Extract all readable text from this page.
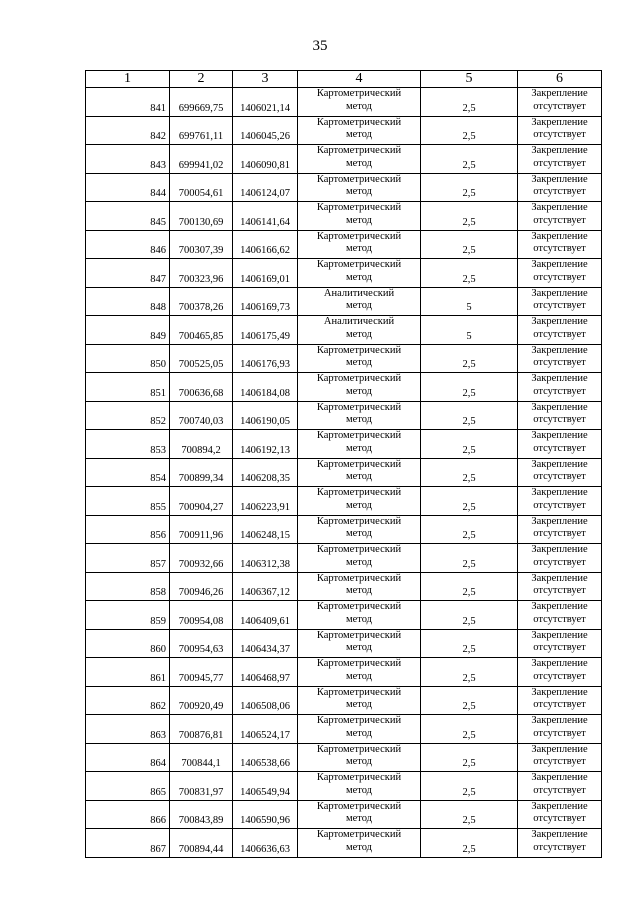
35
1	2	3	4	5	6
841	699669,75	1406021,14	Картометрический
метод	2,5	Закрепление
отсутствует

842	699761,11	1406045,26	Картометрический
метод	2,5	Закрепление
отсутствует

843	699941,02	1406090,81	Картометрический
метод	2,5	Закрепление
отсутствует

844	700054,61	1406124,07	Картометрический
метод	2,5	Закрепление
отсутствует

845	700130,69	1406141,64	Картометрический
метод	2,5	Закрепление
отсутствует

846	700307,39	1406166,62	Картометрический
метод	2,5	Закрепление
отсутствует

847	700323,96	1406169,01	Картометрический
метод	2,5	Закрепление
отсутствует

848	700378,26	1406169,73	Аналитический
метод	5	Закрепление
отсутствует

849	700465,85	1406175,49	Аналитический
метод	5	Закрепление
отсутствует

850	700525,05	1406176,93	Картометрический
метод	2,5	Закрепление
отсутствует

851	700636,68	1406184,08	Картометрический
метод	2,5	Закрепление
отсутствует

852	700740,03	1406190,05	Картометрический
метод	2,5	Закрепление
отсутствует

853	700894,2	1406192,13	Картометрический
метод	2,5	Закрепление
отсутствует

854	700899,34	1406208,35	Картометрический
метод	2,5	Закрепление
отсутствует

855	700904,27	1406223,91	Картометрический
метод	2,5	Закрепление
отсутствует

856	700911,96	1406248,15	Картометрический
метод	2,5	Закрепление
отсутствует

857	700932,66	1406312,38	Картометрический
метод	2,5	Закрепление
отсутствует

858	700946,26	1406367,12	Картометрический
метод	2,5	Закрепление
отсутствует

859	700954,08	1406409,61	Картометрический
метод	2,5	Закрепление
отсутствует

860	700954,63	1406434,37	Картометрический
метод	2,5	Закрепление
отсутствует

861	700945,77	1406468,97	Картометрический
метод	2,5	Закрепление
отсутствует

862	700920,49	1406508,06	Картометрический
метод	2,5	Закрепление
отсутствует

863	700876,81	1406524,17	Картометрический
метод	2,5	Закрепление
отсутствует

864	700844,1	1406538,66	Картометрический
метод	2,5	Закрепление
отсутствует

865	700831,97	1406549,94	Картометрический
метод	2,5	Закрепление
отсутствует

866	700843,89	1406590,96	Картометрический
метод	2,5	Закрепление
отсутствует

867	700894,44	1406636,63	Картометрический
метод	2,5	Закрепление
отсутствует
